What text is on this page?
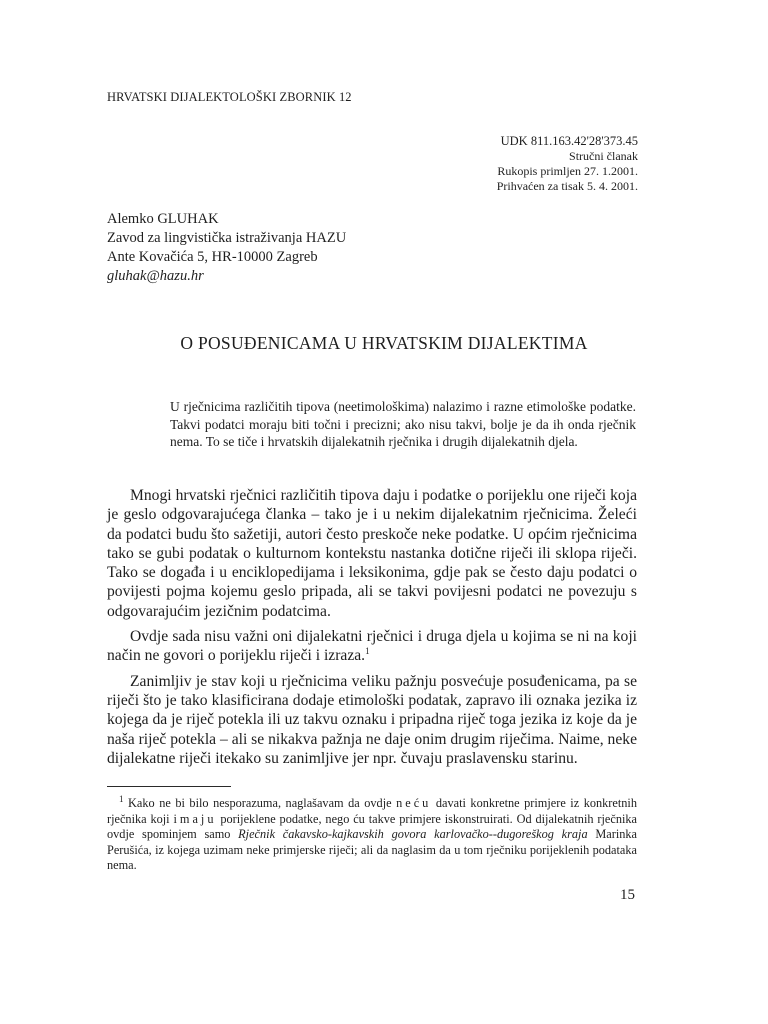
HRVATSKI DIJALEKTOLOŠKI ZBORNIK 12
UDK 811.163.42'28'373.45
Stručni članak
Rukopis primljen 27. 1.2001.
Prihvaćen za tisak 5. 4. 2001.
Alemko GLUHAK
Zavod za lingvistička istraživanja HAZU
Ante Kovačića 5, HR-10000 Zagreb
gluhak@hazu.hr
O POSUĐENICAMA U HRVATSKIM DIJALEKTIMA
U rječnicima različitih tipova (neetimološkima) nalazimo i razne etimološke podatke. Takvi podatci moraju biti točni i precizni; ako nisu takvi, bolje je da ih onda rječnik nema. To se tiče i hrvatskih dijalekatnih rječnika i drugih dijalekatnih djela.

Mnogi hrvatski rječnici različitih tipova daju i podatke o porijeklu one riječi koja je geslo odgovarajućega članka – tako je i u nekim dijalekatnim rječnicima. Želeći da podatci budu što sažetiji, autori često preskoče neke podatke. U općim rječnicima tako se gubi podatak o kulturnom kontekstu nastanka dotične riječi ili sklopa riječi. Tako se događa i u enciklopedijama i leksikonima, gdje pak se često daju podatci o povijesti pojma kojemu geslo pripada, ali se takvi povijesni podatci ne povezuju s odgovarajućim jezičnim podatcima.

Ovdje sada nisu važni oni dijalekatni rječnici i druga djela u kojima se ni na koji način ne govori o porijeklu riječi i izraza.$^1$

Zanimljiv je stav koji u rječnicima veliku pažnju posvećuje posuđenicama, pa se riječi što je tako klasificirana dodaje etimološki podatak, zapravo ili oznaka jezika iz kojega da je riječ potekla ili uz takvu oznaku i pripadna riječ toga jezika iz koje da je naša riječ potekla – ali se nikakva pažnja ne daje onim drugim riječima. Naime, neke dijalekatne riječi itekako su zanimljive jer npr. čuvaju praslavensku starinu.

$^1$ Kako ne bi bilo nesporazuma, naglašavam da ovdje neću davati konkretne primjere iz konkretnih rječnika koji imaju porijeklene podatke, nego ću takve primjere iskonstruirati. Od dijalekatnih rječnika ovdje spominjem samo Rječnik čakavsko-kajkavskih govora karlovačko--dugoreškog kraja Marinka Perušića, iz kojega uzimam neke primjerske riječi; ali da naglasim da u tom rječniku porijeklenih podataka nema.
15
